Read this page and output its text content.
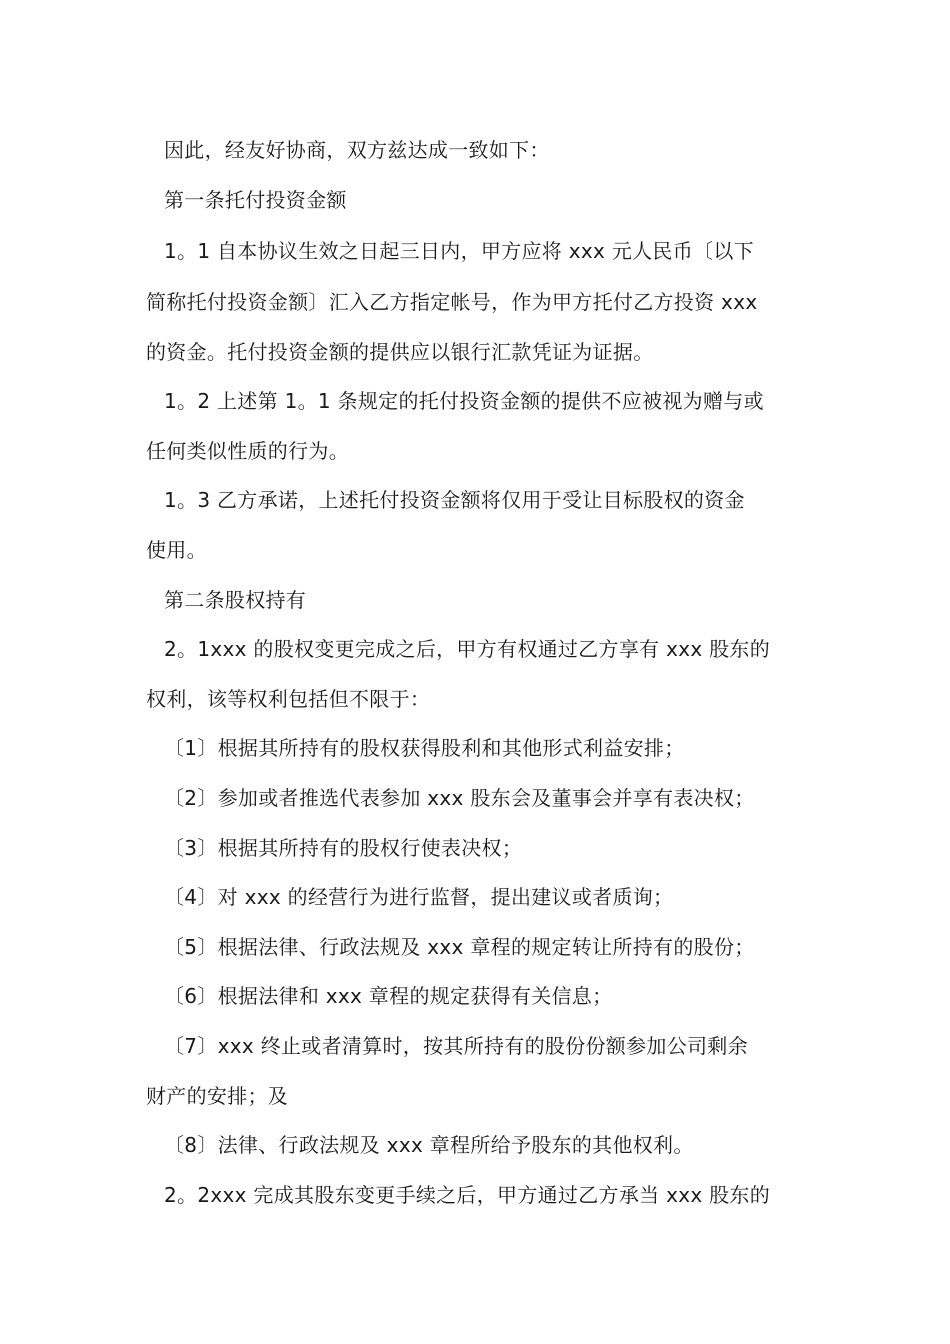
因此，经友好协商，双方兹达成一致如下：
第一条托付投资金额
1。1 自本协议生效之日起三日内，甲方应将 xxx 元人民币〔以下
简称托付投资金额〕汇入乙方指定帐号，作为甲方托付乙方投资 xxx
的资金。托付投资金额的提供应以银行汇款凭证为证据。
1。2 上述第 1。1 条规定的托付投资金额的提供不应被视为赠与或
任何类似性质的行为。
1。3 乙方承诺，上述托付投资金额将仅用于受让目标股权的资金
使用。
第二条股权持有
2。1xxx 的股权变更完成之后，甲方有权通过乙方享有 xxx 股东的
权利，该等权利包括但不限于：
〔1〕根据其所持有的股权获得股利和其他形式利益安排；
〔2〕参加或者推选代表参加 xxx 股东会及董事会并享有表决权；
〔3〕根据其所持有的股权行使表决权；
〔4〕对 xxx 的经营行为进行监督，提出建议或者质询；
〔5〕根据法律、行政法规及 xxx 章程的规定转让所持有的股份；
〔6〕根据法律和 xxx 章程的规定获得有关信息；
〔7〕xxx 终止或者清算时，按其所持有的股份份额参加公司剩余
财产的安排；及
〔8〕法律、行政法规及 xxx 章程所给予股东的其他权利。
2。2xxx 完成其股东变更手续之后，甲方通过乙方承当 xxx 股东的
